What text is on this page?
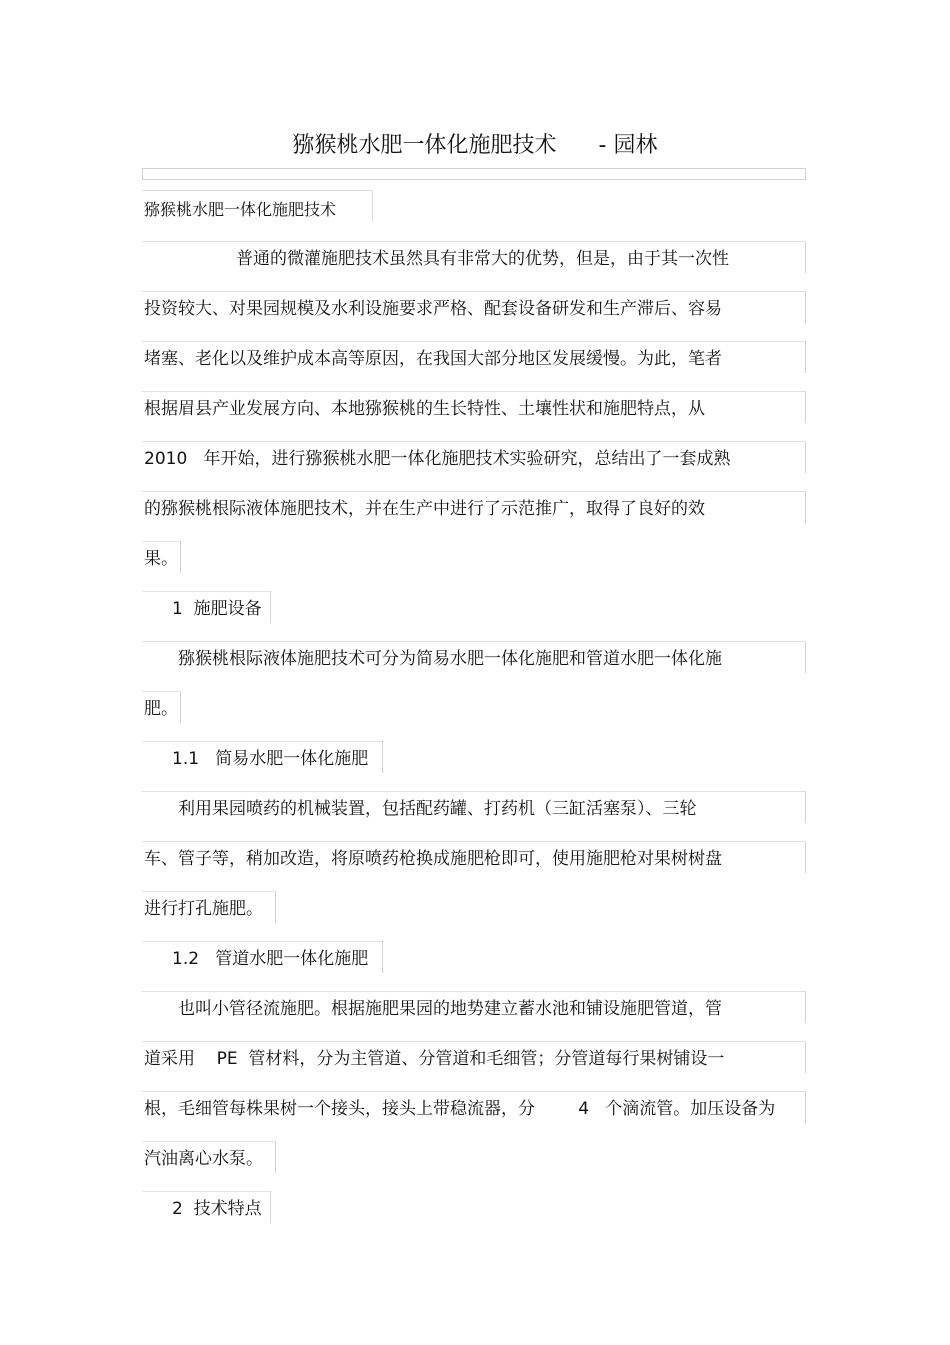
猕猴桃水肥一体化施肥技术      - 园林
猕猴桃水肥一体化施肥技术
普通的微灌施肥技术虽然具有非常大的优势，但是，由于其一次性
投资较大、对果园规模及水利设施要求严格、配套设备研发和生产滞后、容易
堵塞、老化以及维护成本高等原因，在我国大部分地区发展缓慢。为此，笔者
根据眉县产业发展方向、本地猕猴桃的生长特性、土壤性状和施肥特点，从
2010   年开始，进行猕猴桃水肥一体化施肥技术实验研究，总结出了一套成熟
的猕猴桃根际液体施肥技术，并在生产中进行了示范推广，取得了良好的效
果。
1  施肥设备
猕猴桃根际液体施肥技术可分为简易水肥一体化施肥和管道水肥一体化施
肥。
1.1   简易水肥一体化施肥
利用果园喷药的机械装置，包括配药罐、打药机（三缸活塞泵）、三轮
车、管子等，稍加改造，将原喷药枪换成施肥枪即可，使用施肥枪对果树树盘
进行打孔施肥。
1.2   管道水肥一体化施肥
也叫小管径流施肥。根据施肥果园的地势建立蓄水池和铺设施肥管道，管
道采用    PE  管材料，分为主管道、分管道和毛细管；分管道每行果树铺设一
根，毛细管每株果树一个接头，接头上带稳流器，分        4   个滴流管。加压设备为
汽油离心水泵。
2  技术特点
